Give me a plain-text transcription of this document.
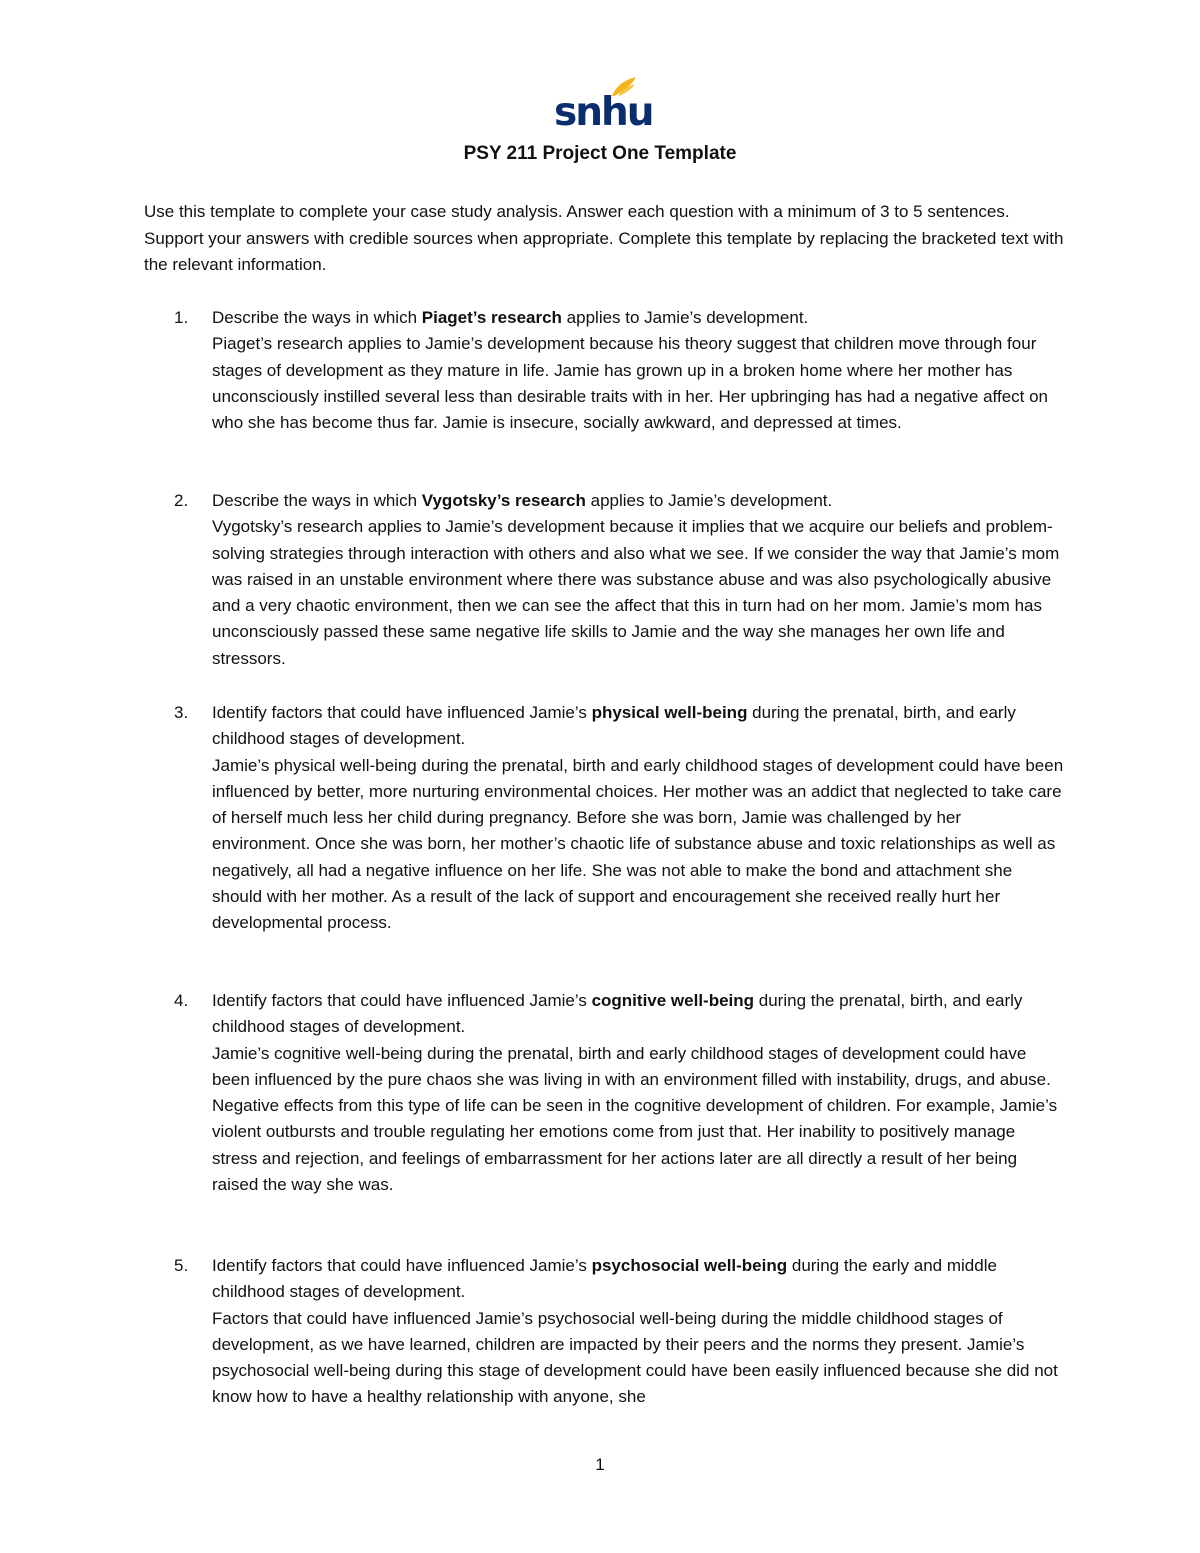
snhu
PSY 211 Project One Template

Use this template to complete your case study analysis. Answer each question with a minimum of 3 to 5 sentences. Support your answers with credible sources when appropriate. Complete this template by replacing the bracketed text with the relevant information.

1.	Describe the ways in which Piaget’s research applies to Jamie’s development.

Piaget’s research applies to Jamie’s development because his theory suggest that children move through four stages of development as they mature in life. Jamie has grown up in a broken home where her mother has unconsciously instilled several less than desirable traits with in her. Her upbringing has had a negative affect on who she has become thus far. Jamie is insecure, socially awkward, and depressed at times.

2.	Describe the ways in which Vygotsky’s research applies to Jamie’s development.

Vygotsky’s research applies to Jamie’s development because it implies that we acquire our beliefs and problem-solving strategies through interaction with others and also what we see. If we consider the way that Jamie’s mom was raised in an unstable environment where there was substance abuse and was also psychologically abusive and a very chaotic environment, then we can see the affect that this in turn had on her mom. Jamie’s mom has unconsciously passed these same negative life skills to Jamie and the way she manages her own life and stressors.

3.	Identify factors that could have influenced Jamie’s physical well-being during the prenatal, birth, and early childhood stages of development.

Jamie’s physical well-being during the prenatal, birth and early childhood stages of development could have been influenced by better, more nurturing environmental choices. Her mother was an addict that neglected to take care of herself much less her child during pregnancy. Before she was born, Jamie was challenged by her environment. Once she was born, her mother’s chaotic life of substance abuse and toxic relationships as well as negatively, all had a negative influence on her life. She was not able to make the bond and attachment she should with her mother. As a result of the lack of support and encouragement she received really hurt her developmental process.

4.	Identify factors that could have influenced Jamie’s cognitive well-being during the prenatal, birth, and early childhood stages of development.

Jamie’s cognitive well-being during the prenatal, birth and early childhood stages of development could have been influenced by the pure chaos she was living in with an environment filled with instability, drugs, and abuse. Negative effects from this type of life can be seen in the cognitive development of children. For example, Jamie’s violent outbursts and trouble regulating her emotions come from just that. Her inability to positively manage stress and rejection, and feelings of embarrassment for her actions later are all directly a result of her being raised the way she was.

5.	Identify factors that could have influenced Jamie’s psychosocial well-being during the early and middle childhood stages of development.

Factors that could have influenced Jamie’s psychosocial well-being during the middle childhood stages of development, as we have learned, children are impacted by their peers and the norms they present. Jamie’s psychosocial well-being during this stage of development could have been easily influenced because she did not know how to have a healthy relationship with anyone, she

1
